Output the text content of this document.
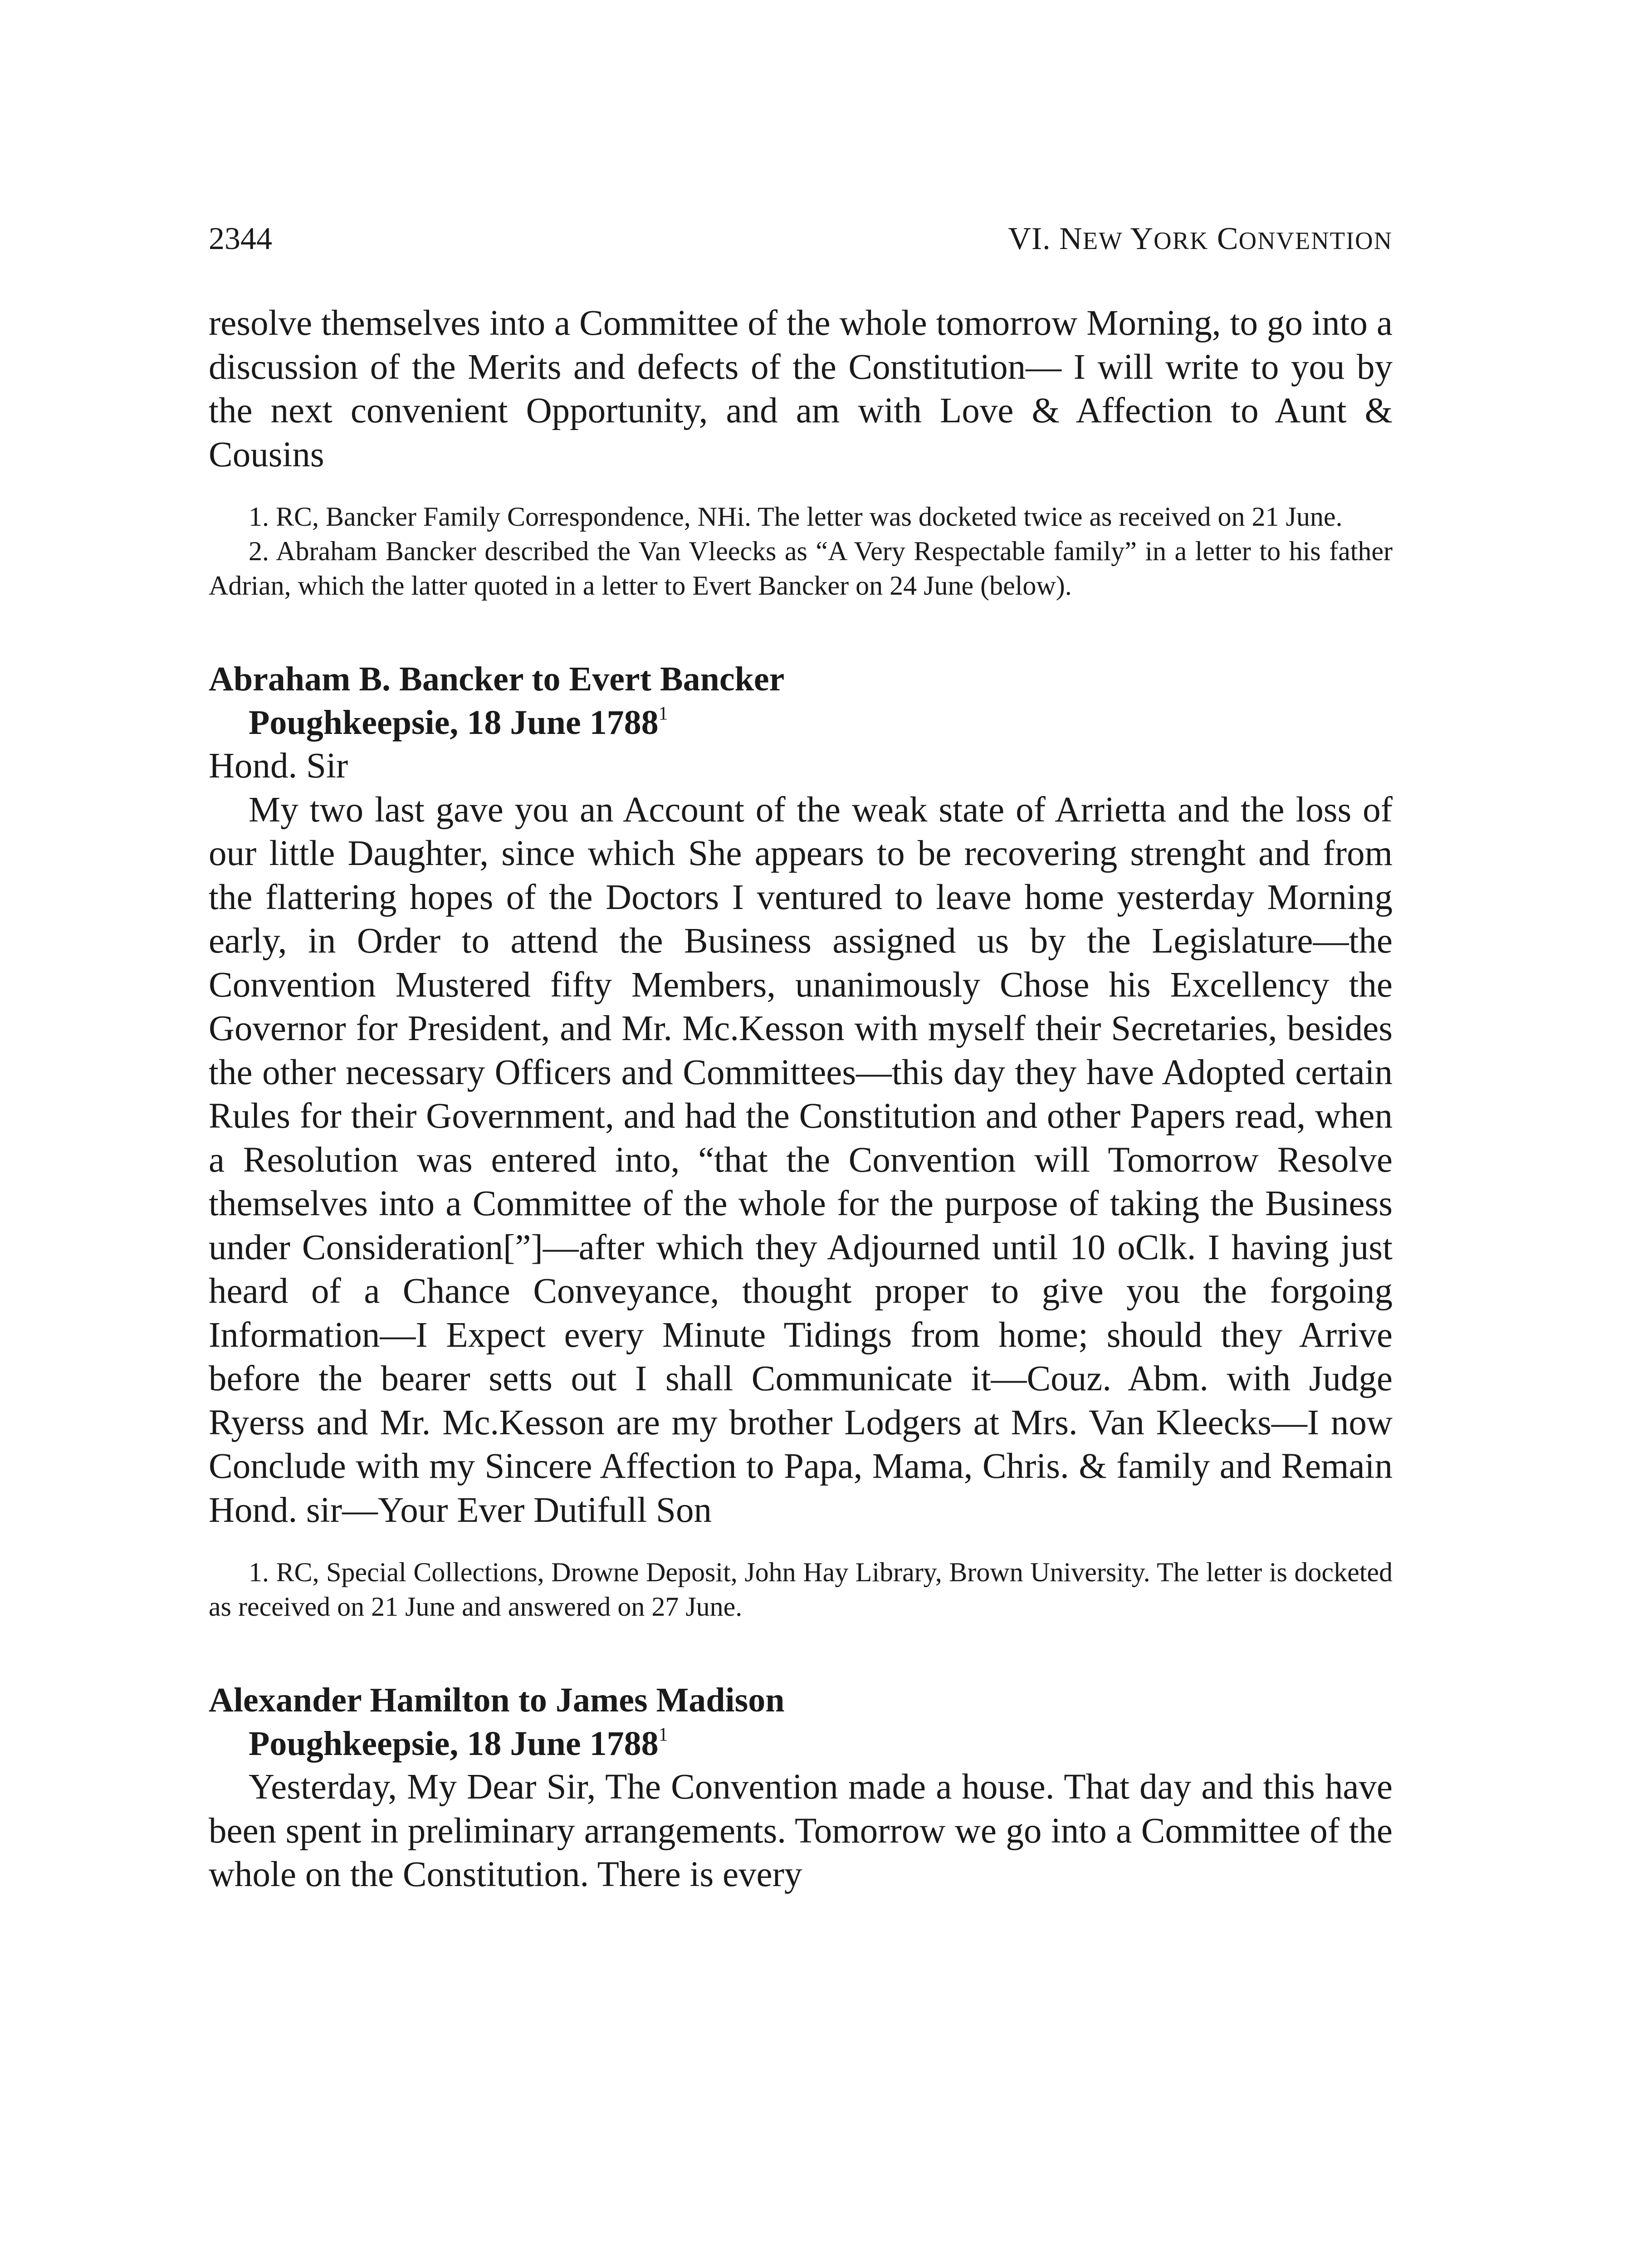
2344	VI. NEW YORK CONVENTION

resolve themselves into a Committee of the whole tomorrow Morning, to go into a discussion of the Merits and defects of the Constitution— I will write to you by the next convenient Opportunity, and am with Love & Affection to Aunt & Cousins

1. RC, Bancker Family Correspondence, NHi. The letter was docketed twice as received on 21 June.

2. Abraham Bancker described the Van Vleecks as “A Very Respectable family” in a letter to his father Adrian, which the latter quoted in a letter to Evert Bancker on 24 June (below).

Abraham B. Bancker to Evert Bancker
Poughkeepsie, 18 June 1788$^1$

Hond. Sir

My two last gave you an Account of the weak state of Arrietta and the loss of our little Daughter, since which She appears to be recovering strenght and from the flattering hopes of the Doctors I ventured to leave home yesterday Morning early, in Order to attend the Business assigned us by the Legislature—the Convention Mustered fifty Members, unanimously Chose his Excellency the Governor for President, and Mr. Mc.Kesson with myself their Secretaries, besides the other necessary Officers and Committees—this day they have Adopted certain Rules for their Government, and had the Constitution and other Papers read, when a Resolution was entered into, “that the Convention will Tomorrow Resolve themselves into a Committee of the whole for the purpose of taking the Business under Consideration[”]—after which they Adjourned until 10 oClk. I having just heard of a Chance Conveyance, thought proper to give you the forgoing Information—I Expect every Minute Tidings from home; should they Arrive before the bearer setts out I shall Communicate it—Couz. Abm. with Judge Ryerss and Mr. Mc.Kesson are my brother Lodgers at Mrs. Van Kleecks—I now Conclude with my Sincere Affection to Papa, Mama, Chris. & family and Remain Hond. sir—Your Ever Dutifull Son

1. RC, Special Collections, Drowne Deposit, John Hay Library, Brown University. The letter is docketed as received on 21 June and answered on 27 June.

Alexander Hamilton to James Madison
Poughkeepsie, 18 June 1788$^1$

Yesterday, My Dear Sir, The Convention made a house. That day and this have been spent in preliminary arrangements. Tomorrow we go into a Committee of the whole on the Constitution. There is every
